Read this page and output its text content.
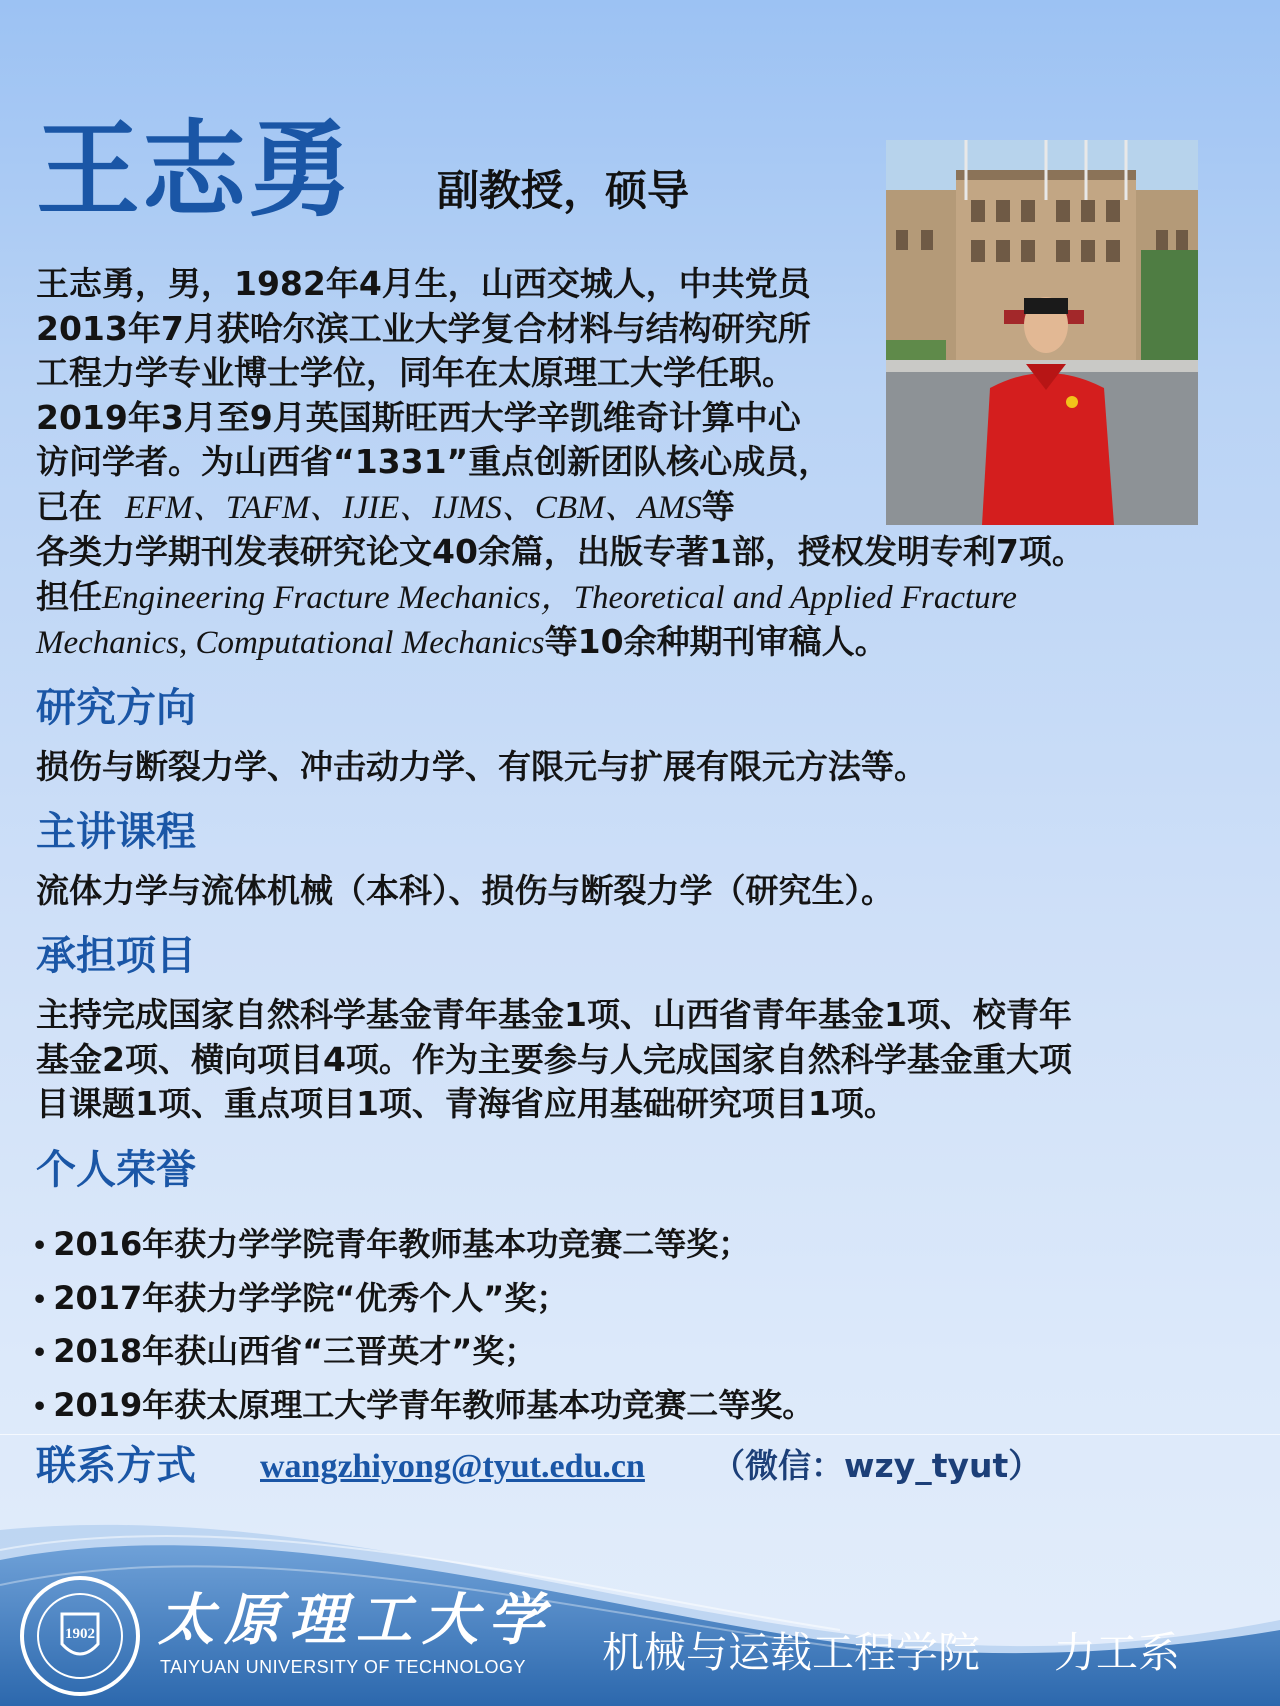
王志勇 副教授，硕导
王志勇，男，1982年4月生，山西交城人，中共党员
2013年7月获哈尔滨工业大学复合材料与结构研究所
工程力学专业博士学位，同年在太原理工大学任职。
2019年3月至9月英国斯旺西大学辛凯维奇计算中心
访问学者。为山西省“1331”重点创新团队核心成员，
已在 EFM、TAFM、IJIE、IJMS、CBM、AMS等
各类力学期刊发表研究论文40余篇，出版专著1部，授权发明专利7项。
担任Engineering Fracture Mechanics，Theoretical and Applied Fracture
Mechanics, Computational Mechanics等10余种期刊审稿人。
研究方向
损伤与断裂力学、冲击动力学、有限元与扩展有限元方法等。
主讲课程
流体力学与流体机械（本科）、损伤与断裂力学（研究生）。
承担项目
主持完成国家自然科学基金青年基金1项、山西省青年基金1项、校青年
基金2项、横向项目4项。作为主要参与人完成国家自然科学基金重大项
目课题1项、重点项目1项、青海省应用基础研究项目1项。
个人荣誉
• 2016年获力学学院青年教师基本功竞赛二等奖；
• 2017年获力学学院“优秀个人”奖；
• 2018年获山西省“三晋英才”奖；
• 2019年获太原理工大学青年教师基本功竞赛二等奖。
联系方式 wangzhiyong@tyut.edu.cn （微信：wzy_tyut）
1902 太原理工大学
TAIYUAN UNIVERSITY OF TECHNOLOGY 机械与运载工程学院 力工系
